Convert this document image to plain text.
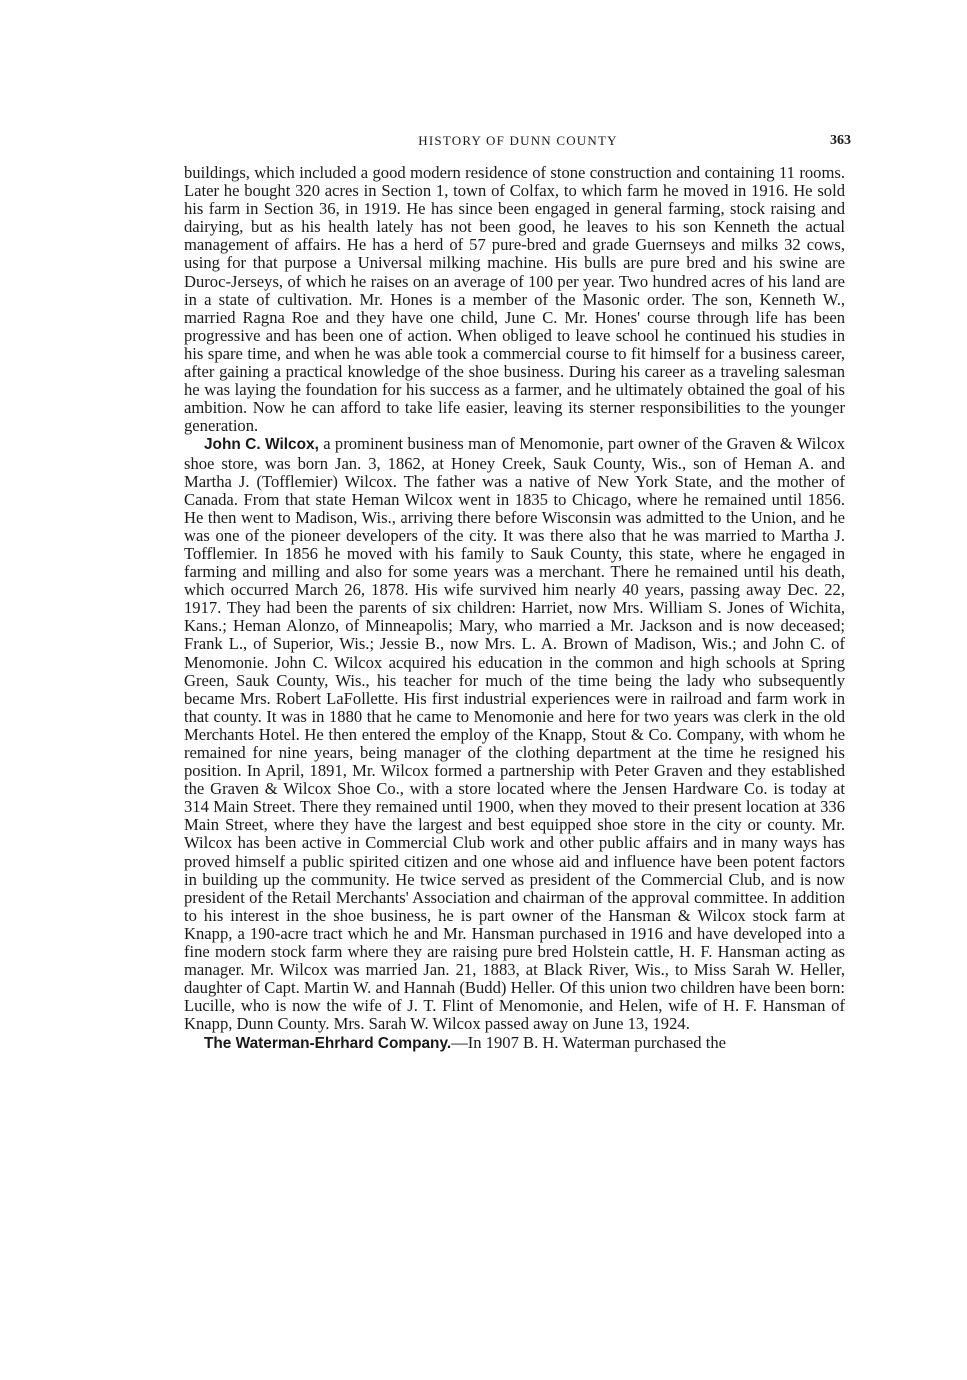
HISTORY OF DUNN COUNTY	363

buildings, which included a good modern residence of stone construction and containing 11 rooms. Later he bought 320 acres in Section 1, town of Colfax, to which farm he moved in 1916. He sold his farm in Section 36, in 1919. He has since been engaged in general farming, stock raising and dairying, but as his health lately has not been good, he leaves to his son Kenneth the actual management of affairs. He has a herd of 57 pure-bred and grade Guernseys and milks 32 cows, using for that purpose a Universal milking machine. His bulls are pure bred and his swine are Duroc-Jerseys, of which he raises on an average of 100 per year. Two hundred acres of his land are in a state of cultivation. Mr. Hones is a member of the Masonic order. The son, Kenneth W., married Ragna Roe and they have one child, June C. Mr. Hones' course through life has been progressive and has been one of action. When obliged to leave school he continued his studies in his spare time, and when he was able took a commercial course to fit himself for a business career, after gaining a practical knowledge of the shoe business. During his career as a traveling salesman he was laying the foundation for his success as a farmer, and he ultimately obtained the goal of his ambition. Now he can afford to take life easier, leaving its sterner responsibilities to the younger generation.

John C. Wilcox, a prominent business man of Menomonie, part owner of the Graven & Wilcox shoe store, was born Jan. 3, 1862, at Honey Creek, Sauk County, Wis., son of Heman A. and Martha J. (Tofflemier) Wilcox. The father was a native of New York State, and the mother of Canada. From that state Heman Wilcox went in 1835 to Chicago, where he remained until 1856. He then went to Madison, Wis., arriving there before Wisconsin was admitted to the Union, and he was one of the pioneer developers of the city. It was there also that he was married to Martha J. Tofflemier. In 1856 he moved with his family to Sauk County, this state, where he engaged in farming and milling and also for some years was a merchant. There he remained until his death, which occurred March 26, 1878. His wife survived him nearly 40 years, passing away Dec. 22, 1917. They had been the parents of six children: Harriet, now Mrs. William S. Jones of Wichita, Kans.; Heman Alonzo, of Minneapolis; Mary, who married a Mr. Jackson and is now deceased; Frank L., of Superior, Wis.; Jessie B., now Mrs. L. A. Brown of Madison, Wis.; and John C. of Menomonie. John C. Wilcox acquired his education in the common and high schools at Spring Green, Sauk County, Wis., his teacher for much of the time being the lady who subsequently became Mrs. Robert LaFollette. His first industrial experiences were in railroad and farm work in that county. It was in 1880 that he came to Menomonie and here for two years was clerk in the old Merchants Hotel. He then entered the employ of the Knapp, Stout & Co. Company, with whom he remained for nine years, being manager of the clothing department at the time he resigned his position. In April, 1891, Mr. Wilcox formed a partnership with Peter Graven and they established the Graven & Wilcox Shoe Co., with a store located where the Jensen Hardware Co. is today at 314 Main Street. There they remained until 1900, when they moved to their present location at 336 Main Street, where they have the largest and best equipped shoe store in the city or county. Mr. Wilcox has been active in Commercial Club work and other public affairs and in many ways has proved himself a public spirited citizen and one whose aid and influence have been potent factors in building up the community. He twice served as president of the Commercial Club, and is now president of the Retail Merchants' Association and chairman of the approval committee. In addition to his interest in the shoe business, he is part owner of the Hansman & Wilcox stock farm at Knapp, a 190-acre tract which he and Mr. Hansman purchased in 1916 and have developed into a fine modern stock farm where they are raising pure bred Holstein cattle, H. F. Hansman acting as manager. Mr. Wilcox was married Jan. 21, 1883, at Black River, Wis., to Miss Sarah W. Heller, daughter of Capt. Martin W. and Hannah (Budd) Heller. Of this union two children have been born: Lucille, who is now the wife of J. T. Flint of Menomonie, and Helen, wife of H. F. Hansman of Knapp, Dunn County. Mrs. Sarah W. Wilcox passed away on June 13, 1924.

The Waterman-Ehrhard Company.—In 1907 B. H. Waterman purchased the
